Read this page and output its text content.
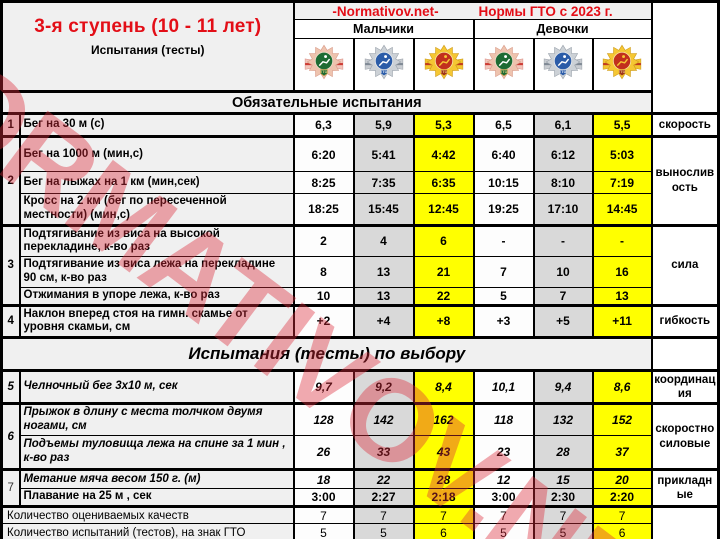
3-я ступень (10 - 11 лет)
Испытания (тесты)

-Normativov.net-	Нормы ГТО с 2023 г.

		Мальчики			Девочки			

ГТО	ГТО	ГТО	ГТО	ГТО	ГТО	

Обязательные испытания								
1	Бег на 30 м (с)	6,3	5,9	5,3	6,5	6,1	5,5	скорость
2	Бег на 1000 м (мин,с)	6:20	5:41	4:42	6:40	6:12	5:03	выносливость
	Бег на лыжах на 1 км (мин,сек)	8:25	7:35	6:35	10:15	8:10	7:19	
	Кросс на 2 км (бег по пересеченной местности) (мин,с)	18:25	15:45	12:45	19:25	17:10	14:45	
3	Подтягивание из виса на высокой перекладине, к-во раз	2	4	6	-	-	-	сила
	Подтягивание из виса лежа на перекладине 90 см, к-во раз	8	13	21	7	10	16	
	Отжимания в упоре лежа, к-во раз	10	13	22	5	7	13	
4	Наклон вперед стоя на гимн. скамье от уровня скамьи, см	+2	+4	+8	+3	+5	+11	гибкость
Испытания (тесты) по выбору								
5	Челночный бег 3х10 м, сек	9,7	9,2	8,4	10,1	9,4	8,6	координация
6	Прыжок в длину с места толчком двумя ногами, см	128	142	162	118	132	152	скоростно силовые
	Подъемы туловища лежа на спине за 1 мин , к-во раз	26	33	43	23	28	37	
7	Метание мяча весом 150 г. (м)	18	22	28	12	15	20	прикладные
	Плавание на 25 м , сек	3:00	2:27	2:18	3:00	2:30	2:20	
Количество оцениваемых качеств		7	7	7	7	7	7	
Количество испытаний (тестов), на знак ГТО		5	5	6	5	5	6	
